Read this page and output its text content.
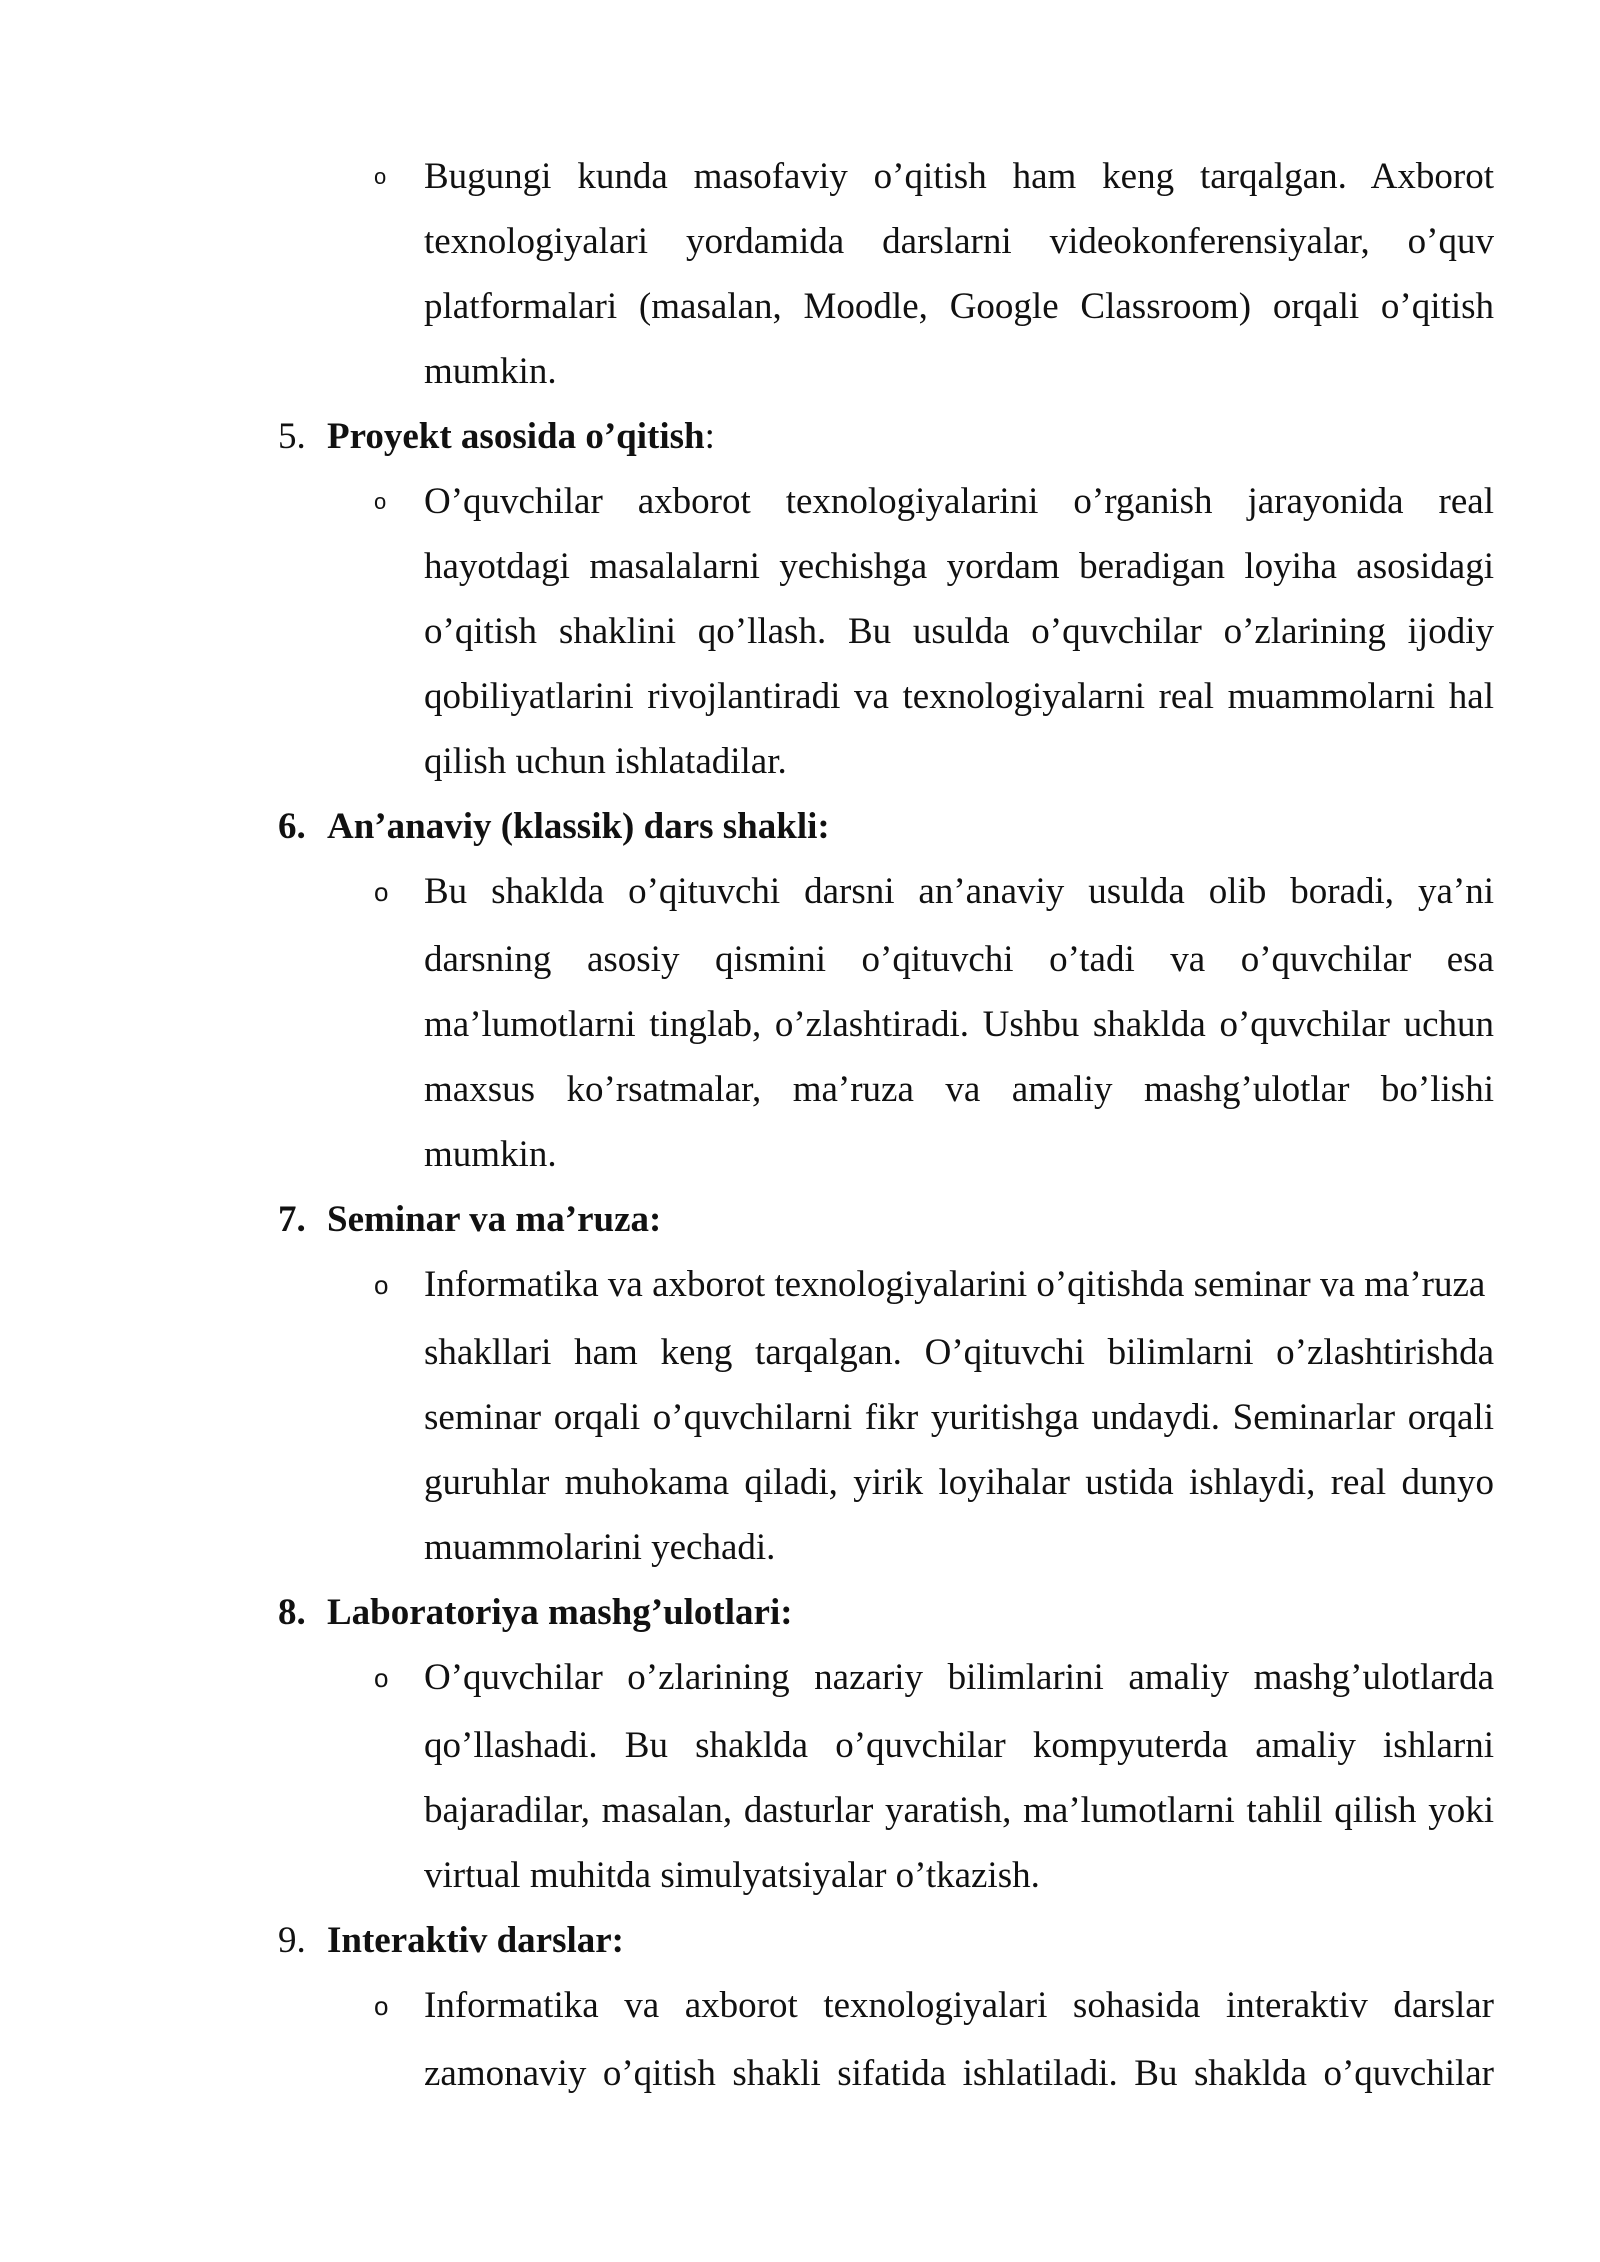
o Bugungi kunda masofaviy o’qitish ham keng tarqalgan. Axborot
texnologiyalari yordamida darslarni videokonferensiyalar, o’quv
platformalari (masalan, Moodle, Google Classroom) orqali o’qitish
mumkin.
5. Proyekt asosida o’qitish:
o O’quvchilar axborot texnologiyalarini o’rganish jarayonida real
hayotdagi masalalarni yechishga yordam beradigan loyiha asosidagi
o’qitish shaklini qo’llash. Bu usulda o’quvchilar o’zlarining ijodiy
qobiliyatlarini rivojlantiradi va texnologiyalarni real muammolarni hal
qilish uchun ishlatadilar.
6. An’anaviy (klassik) dars shakli:
o Bu shaklda o’qituvchi darsni an’anaviy usulda olib boradi, ya’ni
darsning asosiy qismini o’qituvchi o’tadi va o’quvchilar esa
ma’lumotlarni tinglab, o’zlashtiradi. Ushbu shaklda o’quvchilar uchun
maxsus ko’rsatmalar, ma’ruza va amaliy mashg’ulotlar bo’lishi
mumkin.
7. Seminar va ma’ruza:
o Informatika va axborot texnologiyalarini o’qitishda seminar va ma’ruza
shakllari ham keng tarqalgan. O’qituvchi bilimlarni o’zlashtirishda
seminar orqali o’quvchilarni fikr yuritishga undaydi. Seminarlar orqali
guruhlar muhokama qiladi, yirik loyihalar ustida ishlaydi, real dunyo
muammolarini yechadi.
8. Laboratoriya mashg’ulotlari:
o O’quvchilar o’zlarining nazariy bilimlarini amaliy mashg’ulotlarda
qo’llashadi. Bu shaklda o’quvchilar kompyuterda amaliy ishlarni
bajaradilar, masalan, dasturlar yaratish, ma’lumotlarni tahlil qilish yoki
virtual muhitda simulyatsiyalar o’tkazish.
9. Interaktiv darslar:
o Informatika va axborot texnologiyalari sohasida interaktiv darslar
zamonaviy o’qitish shakli sifatida ishlatiladi. Bu shaklda o’quvchilar
